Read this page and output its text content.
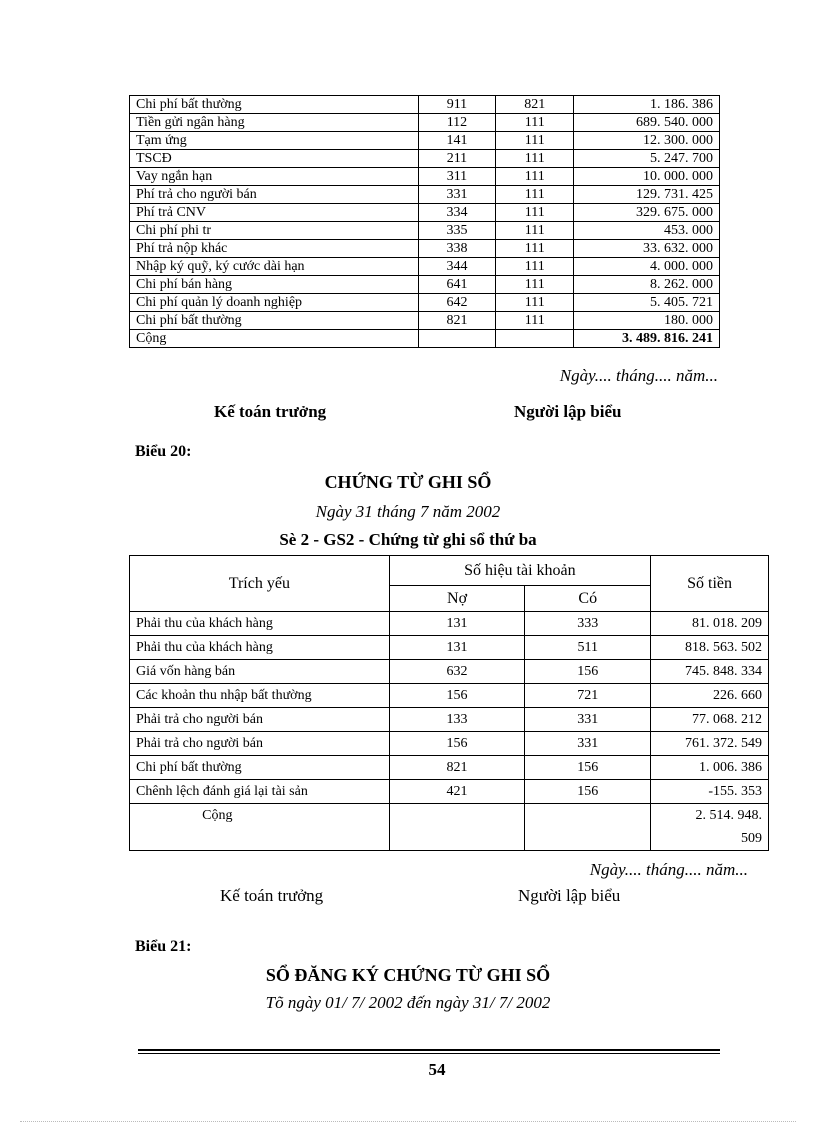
Chi phí bất thường	911	821	1. 186. 386
Tiền gửi ngân hàng	112	111	689. 540. 000
Tạm ứng	141	111	12. 300. 000
TSCĐ	211	111	5. 247. 700
Vay ngắn hạn	311	111	10. 000. 000
Phí trả cho người bán	331	111	129. 731. 425
Phí trả CNV	334	111	329. 675. 000
Chi phí phi tr	335	111	453. 000
Phí trả nộp khác	338	111	33. 632. 000
Nhập ký quỹ, ký cước dài hạn	344	111	4. 000. 000
Chi phí bán hàng	641	111	8. 262. 000
Chi phí quản lý doanh nghiệp	642	111	5. 405. 721
Chi phí bất thường	821	111	180. 000
Cộng			3. 489. 816. 241
Ngày.... tháng.... năm...
Kế toán trưởng	Người lập biểu
Biểu 20:
CHỨNG TỪ GHI SỔ
Ngày 31 tháng 7 năm 2002
Sè 2 - GS2 - Chứng từ ghi sổ thứ ba
Trích yếu	Số hiệu tài khoản		Số tiền
	Nợ	Có	
Phải thu của khách hàng	131	333	81. 018. 209
Phải thu của khách hàng	131	511	818. 563. 502
Giá vốn hàng bán	632	156	745. 848. 334
Các khoản thu nhập bất thường	156	721	226. 660
Phải trả cho người bán	133	331	77. 068. 212
Phải trả cho người bán	156	331	761. 372. 549
Chi phí bất thường	821	156	1. 006. 386
Chênh lệch đánh giá lại tài sản	421	156	-155. 353
Cộng			2. 514. 948.
509
Ngày.... tháng.... năm...
Kế toán trưởng	Người lập biểu
Biểu 21:
SỔ ĐĂNG KÝ CHỨNG TỪ GHI SỔ
Tõ ngày 01/ 7/ 2002 đến ngày 31/ 7/ 2002
54
